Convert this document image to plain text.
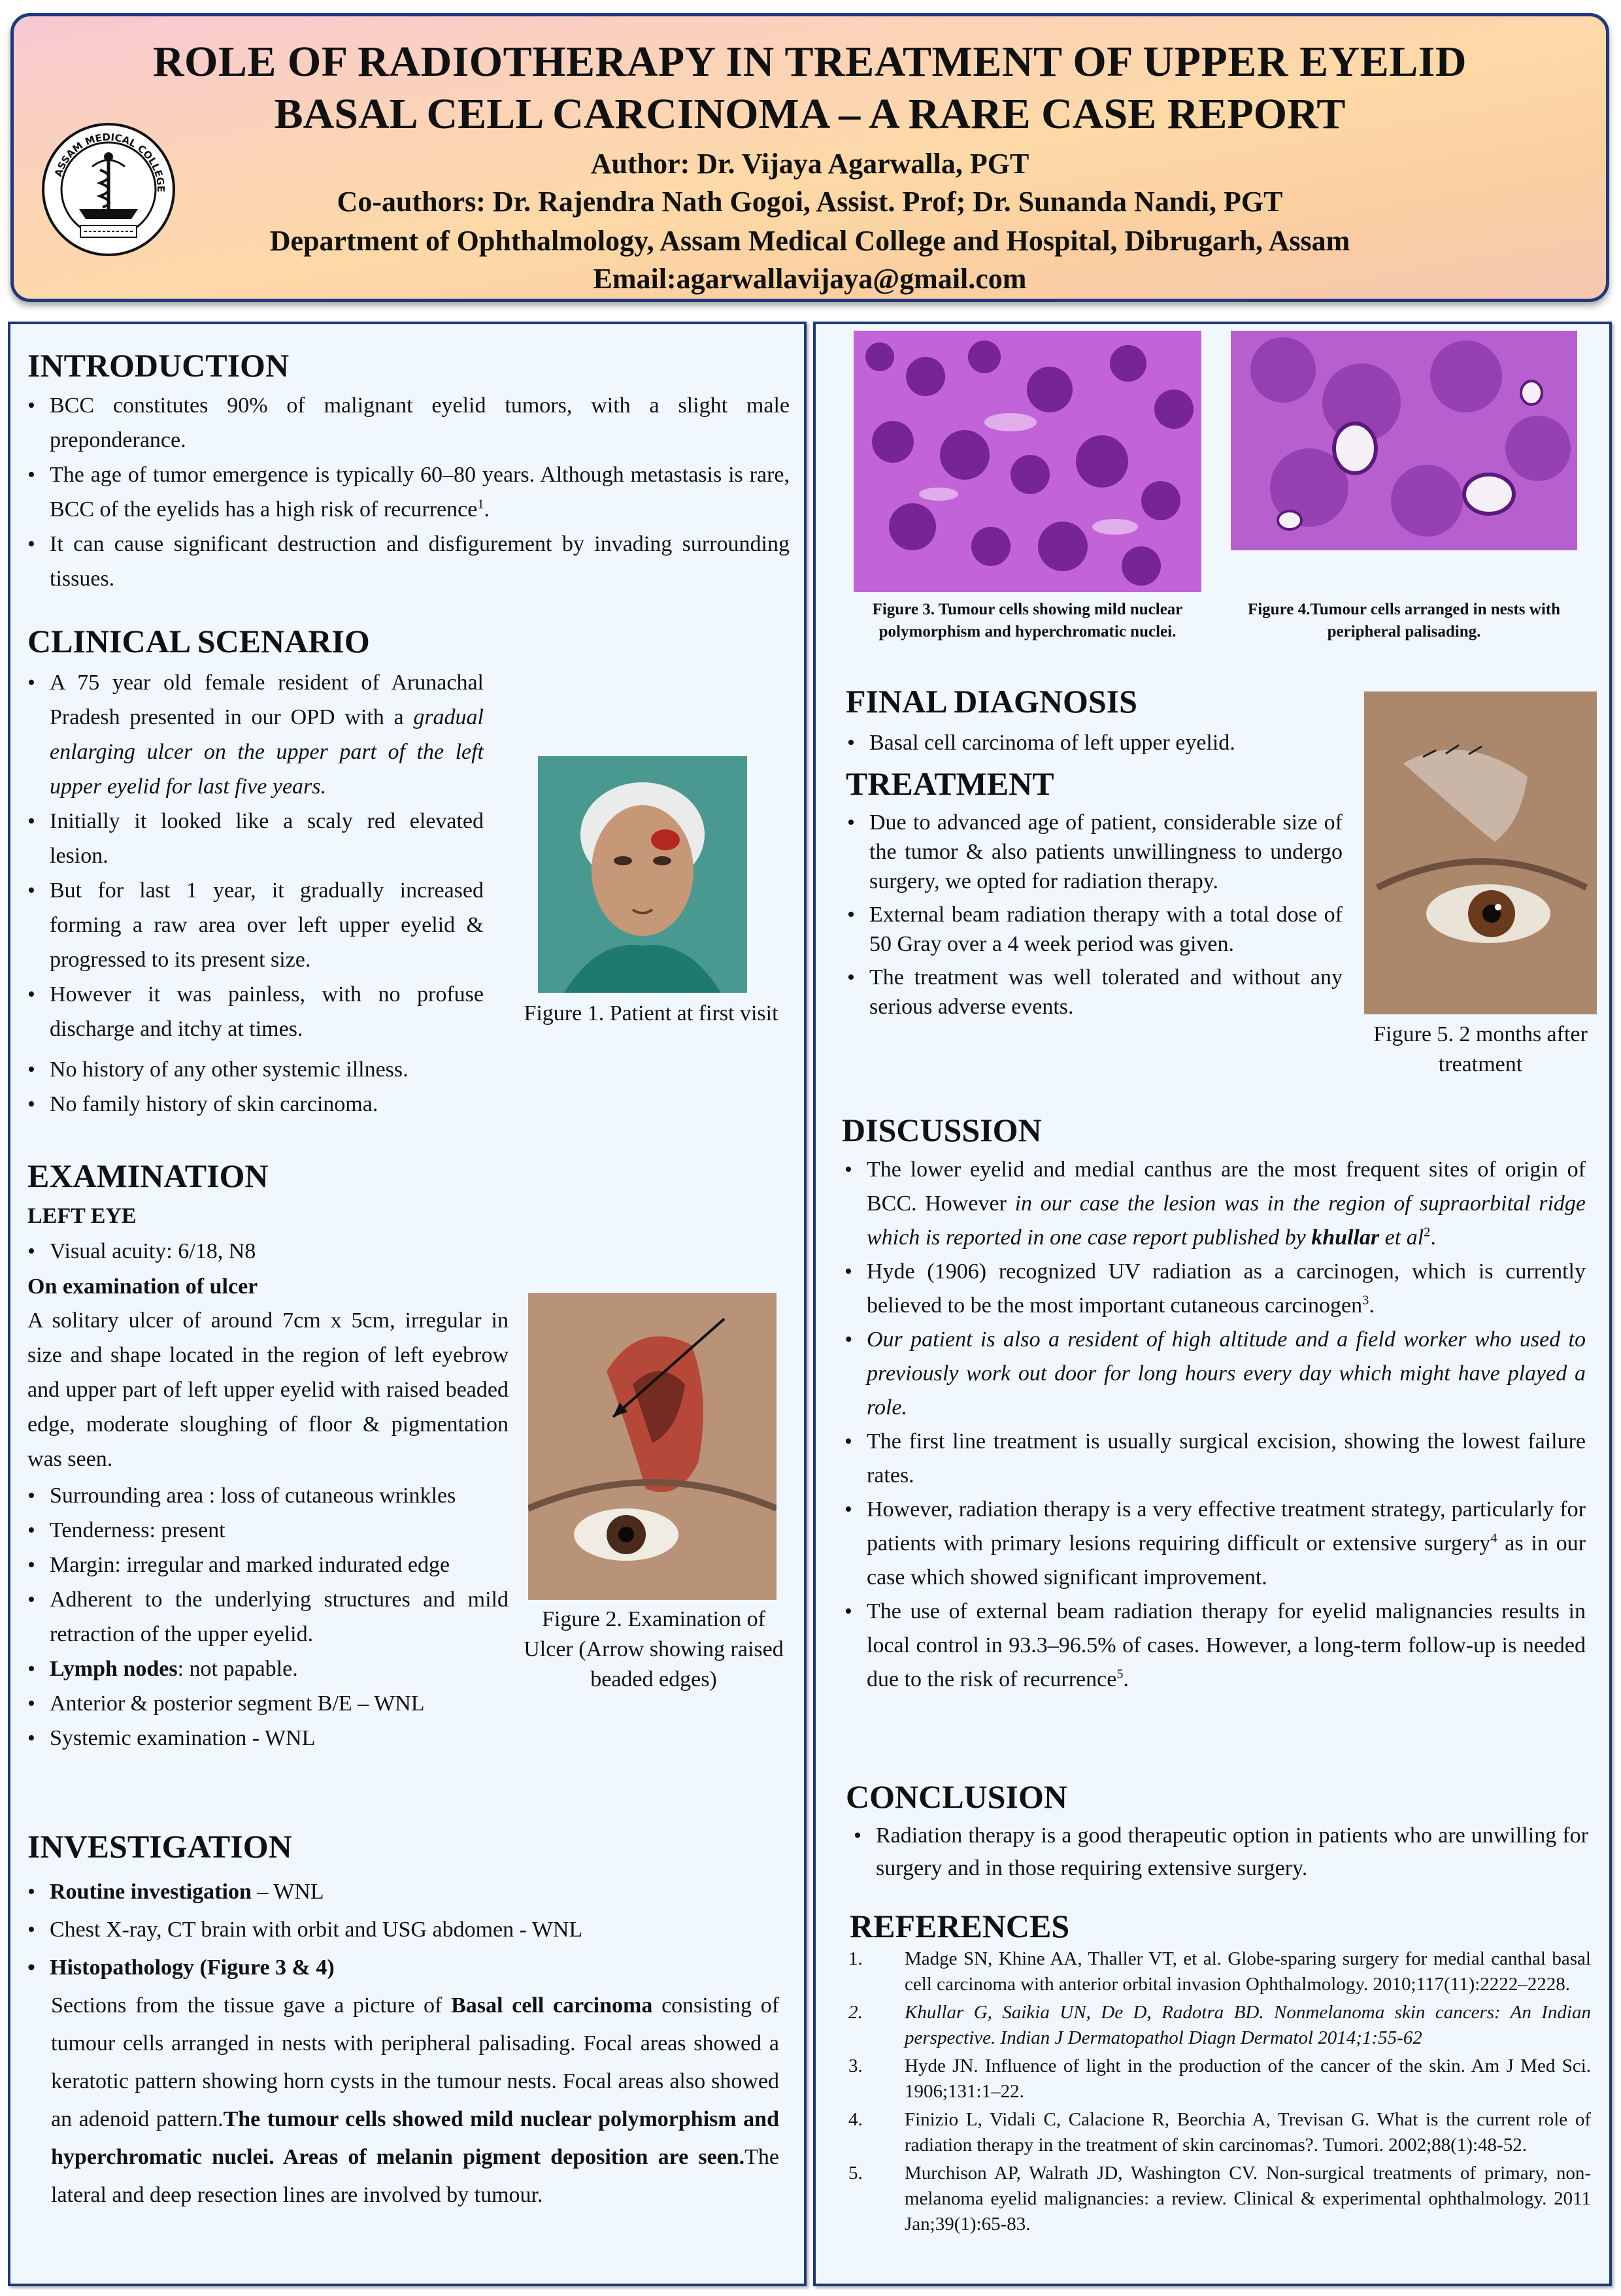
ROLE OF RADIOTHERAPY IN TREATMENT OF UPPER EYELID
BASAL CELL CARCINOMA – A RARE CASE REPORT
Author: Dr. Vijaya Agarwalla, PGT
Co-authors: Dr. Rajendra Nath Gogoi, Assist. Prof; Dr. Sunanda Nandi, PGT
Department of Ophthalmology, Assam Medical College and Hospital, Dibrugarh, Assam
Email:agarwallavijaya@gmail.com
ASSAM MEDICAL COLLEGE
INTRODUCTION
• BCC constitutes 90% of malignant eyelid tumors, with a slight male preponderance.
• The age of tumor emergence is typically 60–80 years. Although metastasis is rare, BCC of the eyelids has a high risk of recurrence$^1$.
• It can cause significant destruction and disfigurement by invading surrounding tissues.
CLINICAL SCENARIO
• A 75 year old female resident of Arunachal Pradesh presented in our OPD with a gradual enlarging ulcer on the upper part of the left upper eyelid for last five years.
• Initially it looked like a scaly red elevated lesion.
• But for last 1 year, it gradually increased forming a raw area over left upper eyelid & progressed to its present size.
• However it was painless, with no profuse discharge and itchy at times.
• No history of any other systemic illness.
• No family history of skin carcinoma.
Figure 1. Patient at first visit
EXAMINATION
LEFT EYE
• Visual acuity: 6/18, N8
On examination of ulcer
A solitary ulcer of around 7cm x 5cm, irregular in size and shape located in the region of left eyebrow and upper part of left upper eyelid with raised beaded edge, moderate sloughing of floor & pigmentation was seen.
• Surrounding area : loss of cutaneous wrinkles
• Tenderness: present
• Margin: irregular and marked indurated edge
• Adherent to the underlying structures and mild retraction of the upper eyelid.
• Lymph nodes: not papable.
• Anterior & posterior segment B/E – WNL
• Systemic examination - WNL
Figure 2. Examination of Ulcer (Arrow showing raised beaded edges)
INVESTIGATION
• Routine investigation – WNL
• Chest X-ray, CT brain with orbit and USG abdomen - WNL
• Histopathology (Figure 3 & 4)
Sections from the tissue gave a picture of Basal cell carcinoma consisting of tumour cells arranged in nests with peripheral palisading. Focal areas showed a keratotic pattern showing horn cysts in the tumour nests. Focal areas also showed an adenoid pattern.The tumour cells showed mild nuclear polymorphism and hyperchromatic nuclei. Areas of melanin pigment deposition are seen.The lateral and deep resection lines are involved by tumour.
Figure 3. Tumour cells showing mild nuclear polymorphism and hyperchromatic nuclei.
Figure 4.Tumour cells arranged in nests with peripheral palisading.
FINAL DIAGNOSIS
• Basal cell carcinoma of left upper eyelid.
TREATMENT
• Due to advanced age of patient, considerable size of the tumor & also patients unwillingness to undergo surgery, we opted for radiation therapy.
• External beam radiation therapy with a total dose of 50 Gray over a 4 week period was given.
• The treatment was well tolerated and without any serious adverse events.
Figure 5. 2 months after treatment
DISCUSSION
• The lower eyelid and medial canthus are the most frequent sites of origin of BCC. However in our case the lesion was in the region of supraorbital ridge which is reported in one case report published by khullar et $al^2$.
• Hyde (1906) recognized UV radiation as a carcinogen, which is currently believed to be the most important cutaneous carcinogen$^3$.
• Our patient is also a resident of high altitude and a field worker who used to previously work out door for long hours every day which might have played a role.
• The first line treatment is usually surgical excision, showing the lowest failure rates.
• However, radiation therapy is a very effective treatment strategy, particularly for patients with primary lesions requiring difficult or extensive surgery$^4$ as in our case which showed significant improvement.
• The use of external beam radiation therapy for eyelid malignancies results in local control in 93.3–96.5% of cases. However, a long-term follow-up is needed due to the risk of recurrence$^5$.
CONCLUSION
• Radiation therapy is a good therapeutic option in patients who are unwilling for surgery and in those requiring extensive surgery.
REFERENCES
1. Madge SN, Khine AA, Thaller VT, et al. Globe-sparing surgery for medial canthal basal cell carcinoma with anterior orbital invasion Ophthalmology. 2010;117(11):2222–2228.
2. Khullar G, Saikia UN, De D, Radotra BD. Nonmelanoma skin cancers: An Indian perspective. Indian J Dermatopathol Diagn Dermatol 2014;1:55-62
3. Hyde JN. Influence of light in the production of the cancer of the skin. Am J Med Sci. 1906;131:1–22.
4. Finizio L, Vidali C, Calacione R, Beorchia A, Trevisan G. What is the current role of radiation therapy in the treatment of skin carcinomas?. Tumori. 2002;88(1):48-52.
5. Murchison AP, Walrath JD, Washington CV. Non-surgical treatments of primary, non-melanoma eyelid malignancies: a review. Clinical & experimental ophthalmology. 2011 Jan;39(1):65-83.
